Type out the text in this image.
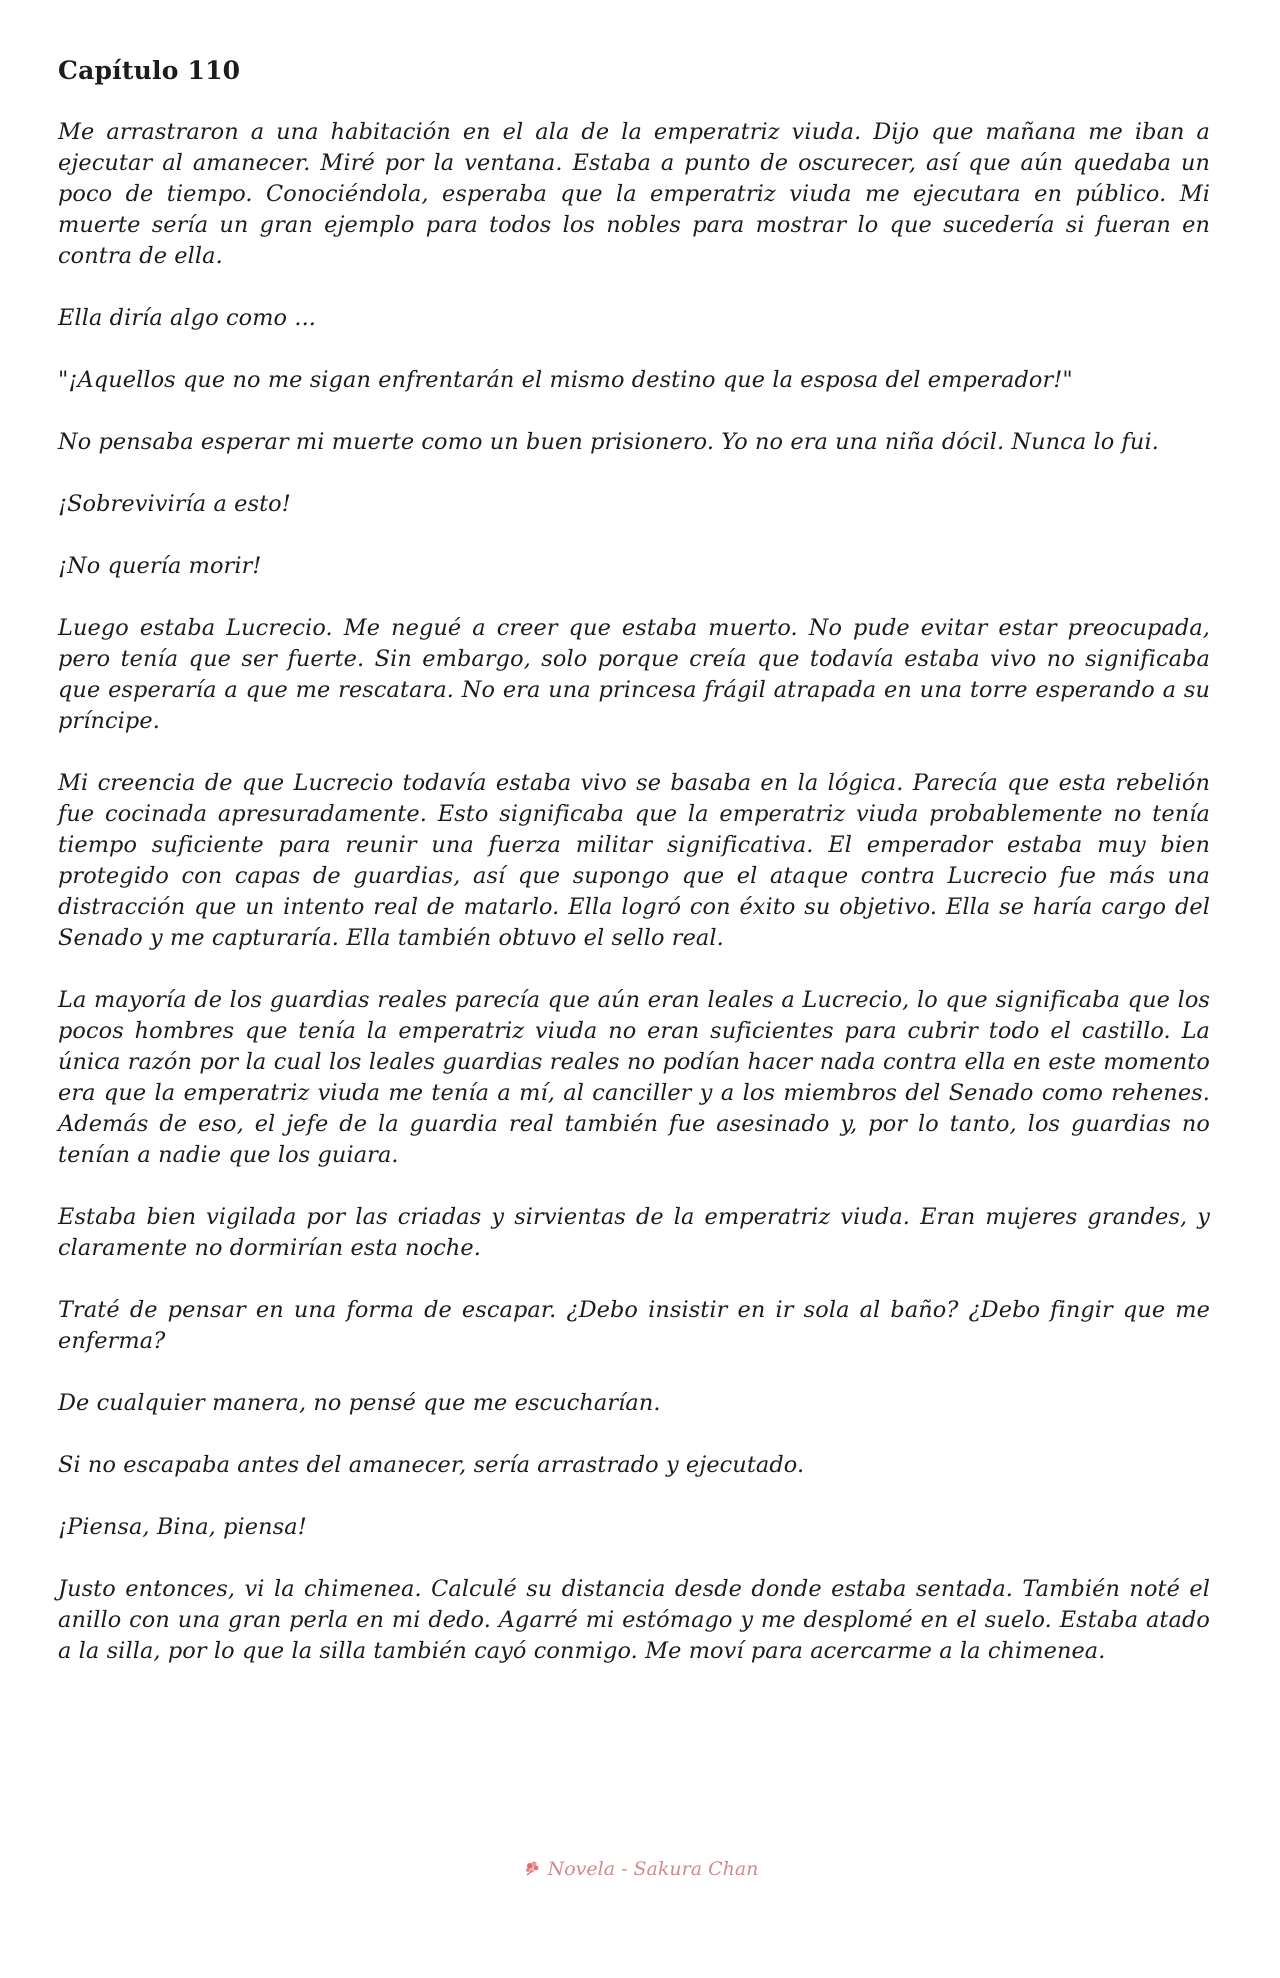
Capítulo 110

Me arrastraron a una habitación en el ala de la emperatriz viuda. Dijo que mañana me iban a ejecutar al amanecer. Miré por la ventana. Estaba a punto de oscurecer, así que aún quedaba un poco de tiempo. Conociéndola, esperaba que la emperatriz viuda me ejecutara en público. Mi muerte sería un gran ejemplo para todos los nobles para mostrar lo que sucedería si fueran en contra de ella.

Ella diría algo como ...

"¡Aquellos que no me sigan enfrentarán el mismo destino que la esposa del emperador!"

No pensaba esperar mi muerte como un buen prisionero. Yo no era una niña dócil. Nunca lo fui.

¡Sobreviviría a esto!

¡No quería morir!

Luego estaba Lucrecio. Me negué a creer que estaba muerto. No pude evitar estar preocupada, pero tenía que ser fuerte. Sin embargo, solo porque creía que todavía estaba vivo no significaba que esperaría a que me rescatara. No era una princesa frágil atrapada en una torre esperando a su príncipe.

Mi creencia de que Lucrecio todavía estaba vivo se basaba en la lógica. Parecía que esta rebelión fue cocinada apresuradamente. Esto significaba que la emperatriz viuda probablemente no tenía tiempo suficiente para reunir una fuerza militar significativa. El emperador estaba muy bien protegido con capas de guardias, así que supongo que el ataque contra Lucrecio fue más una distracción que un intento real de matarlo. Ella logró con éxito su objetivo. Ella se haría cargo del Senado y me capturaría. Ella también obtuvo el sello real.

La mayoría de los guardias reales parecía que aún eran leales a Lucrecio, lo que significaba que los pocos hombres que tenía la emperatriz viuda no eran suficientes para cubrir todo el castillo. La única razón por la cual los leales guardias reales no podían hacer nada contra ella en este momento era que la emperatriz viuda me tenía a mí, al canciller y a los miembros del Senado como rehenes. Además de eso, el jefe de la guardia real también fue asesinado y, por lo tanto, los guardias no tenían a nadie que los guiara.

Estaba bien vigilada por las criadas y sirvientas de la emperatriz viuda. Eran mujeres grandes, y claramente no dormirían esta noche.

Traté de pensar en una forma de escapar. ¿Debo insistir en ir sola al baño? ¿Debo fingir que me enferma?

De cualquier manera, no pensé que me escucharían.

Si no escapaba antes del amanecer, sería arrastrado y ejecutado.

¡Piensa, Bina, piensa!

Justo entonces, vi la chimenea. Calculé su distancia desde donde estaba sentada. También noté el anillo con una gran perla en mi dedo. Agarré mi estómago y me desplomé en el suelo. Estaba atado a la silla, por lo que la silla también cayó conmigo. Me moví para acercarme a la chimenea.

Novela - Sakura Chan
